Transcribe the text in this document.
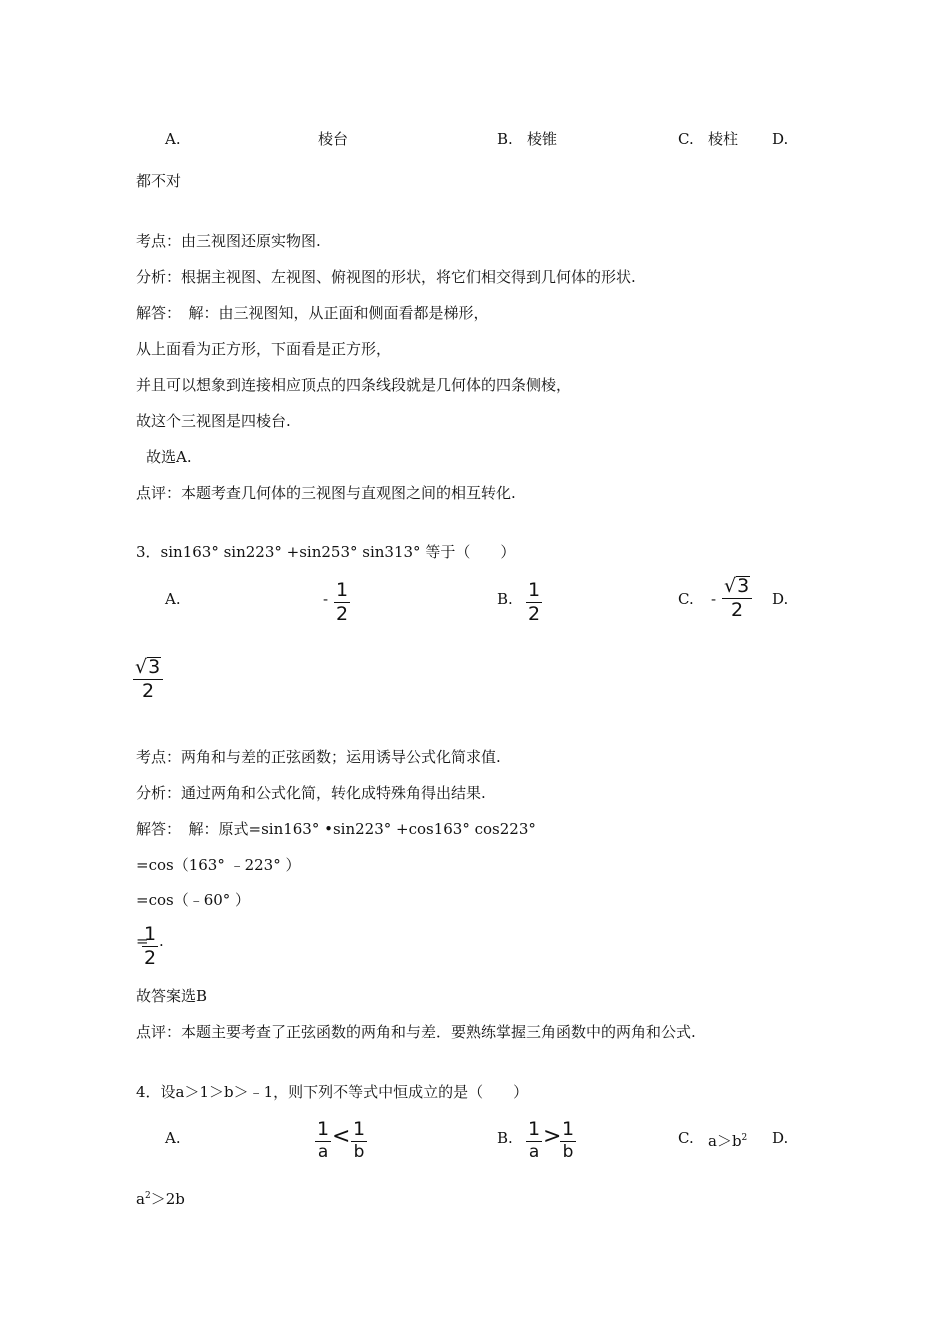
A.	棱台	B. 棱锥	C. 棱柱 D.
都不对
考点：由三视图还原实物图.
分析：根据主视图、左视图、俯视图的形状，将它们相交得到几何体的形状.
解答：　解：由三视图知，从正面和侧面看都是梯形，
从上面看为正方形，下面看是正方形，
并且可以想象到连接相应顶点的四条线段就是几何体的四条侧棱，
故这个三视图是四棱台.
故选A.
点评：本题考查几何体的三视图与直观图之间的相互转化.
3．sin163° sin223° +sin253° sin313° 等于（　　）
A.	- 1
2
B. 1
2
C. -
√ 3
2 D.
√ 3
2
考点：两角和与差的正弦函数；运用诱导公式化简求值.
分析：通过两角和公式化简，转化成特殊角得出结果.
解答：　解：原式=sin163° •sin223° +cos163° cos223°
=cos（163° ﹣223° ）
=cos（﹣60° ）
=
1
2
.
故答案选B
点评：本题主要考查了正弦函数的两角和与差．要熟练掌握三角函数中的两角和公式.
4．设a＞1＞b＞﹣1，则下列不等式中恒成立的是（　　）
A.	1
a
< 1
b
B. 1
a
> 1
b
C. $a>b^2$ D.
$a^2>2b$
